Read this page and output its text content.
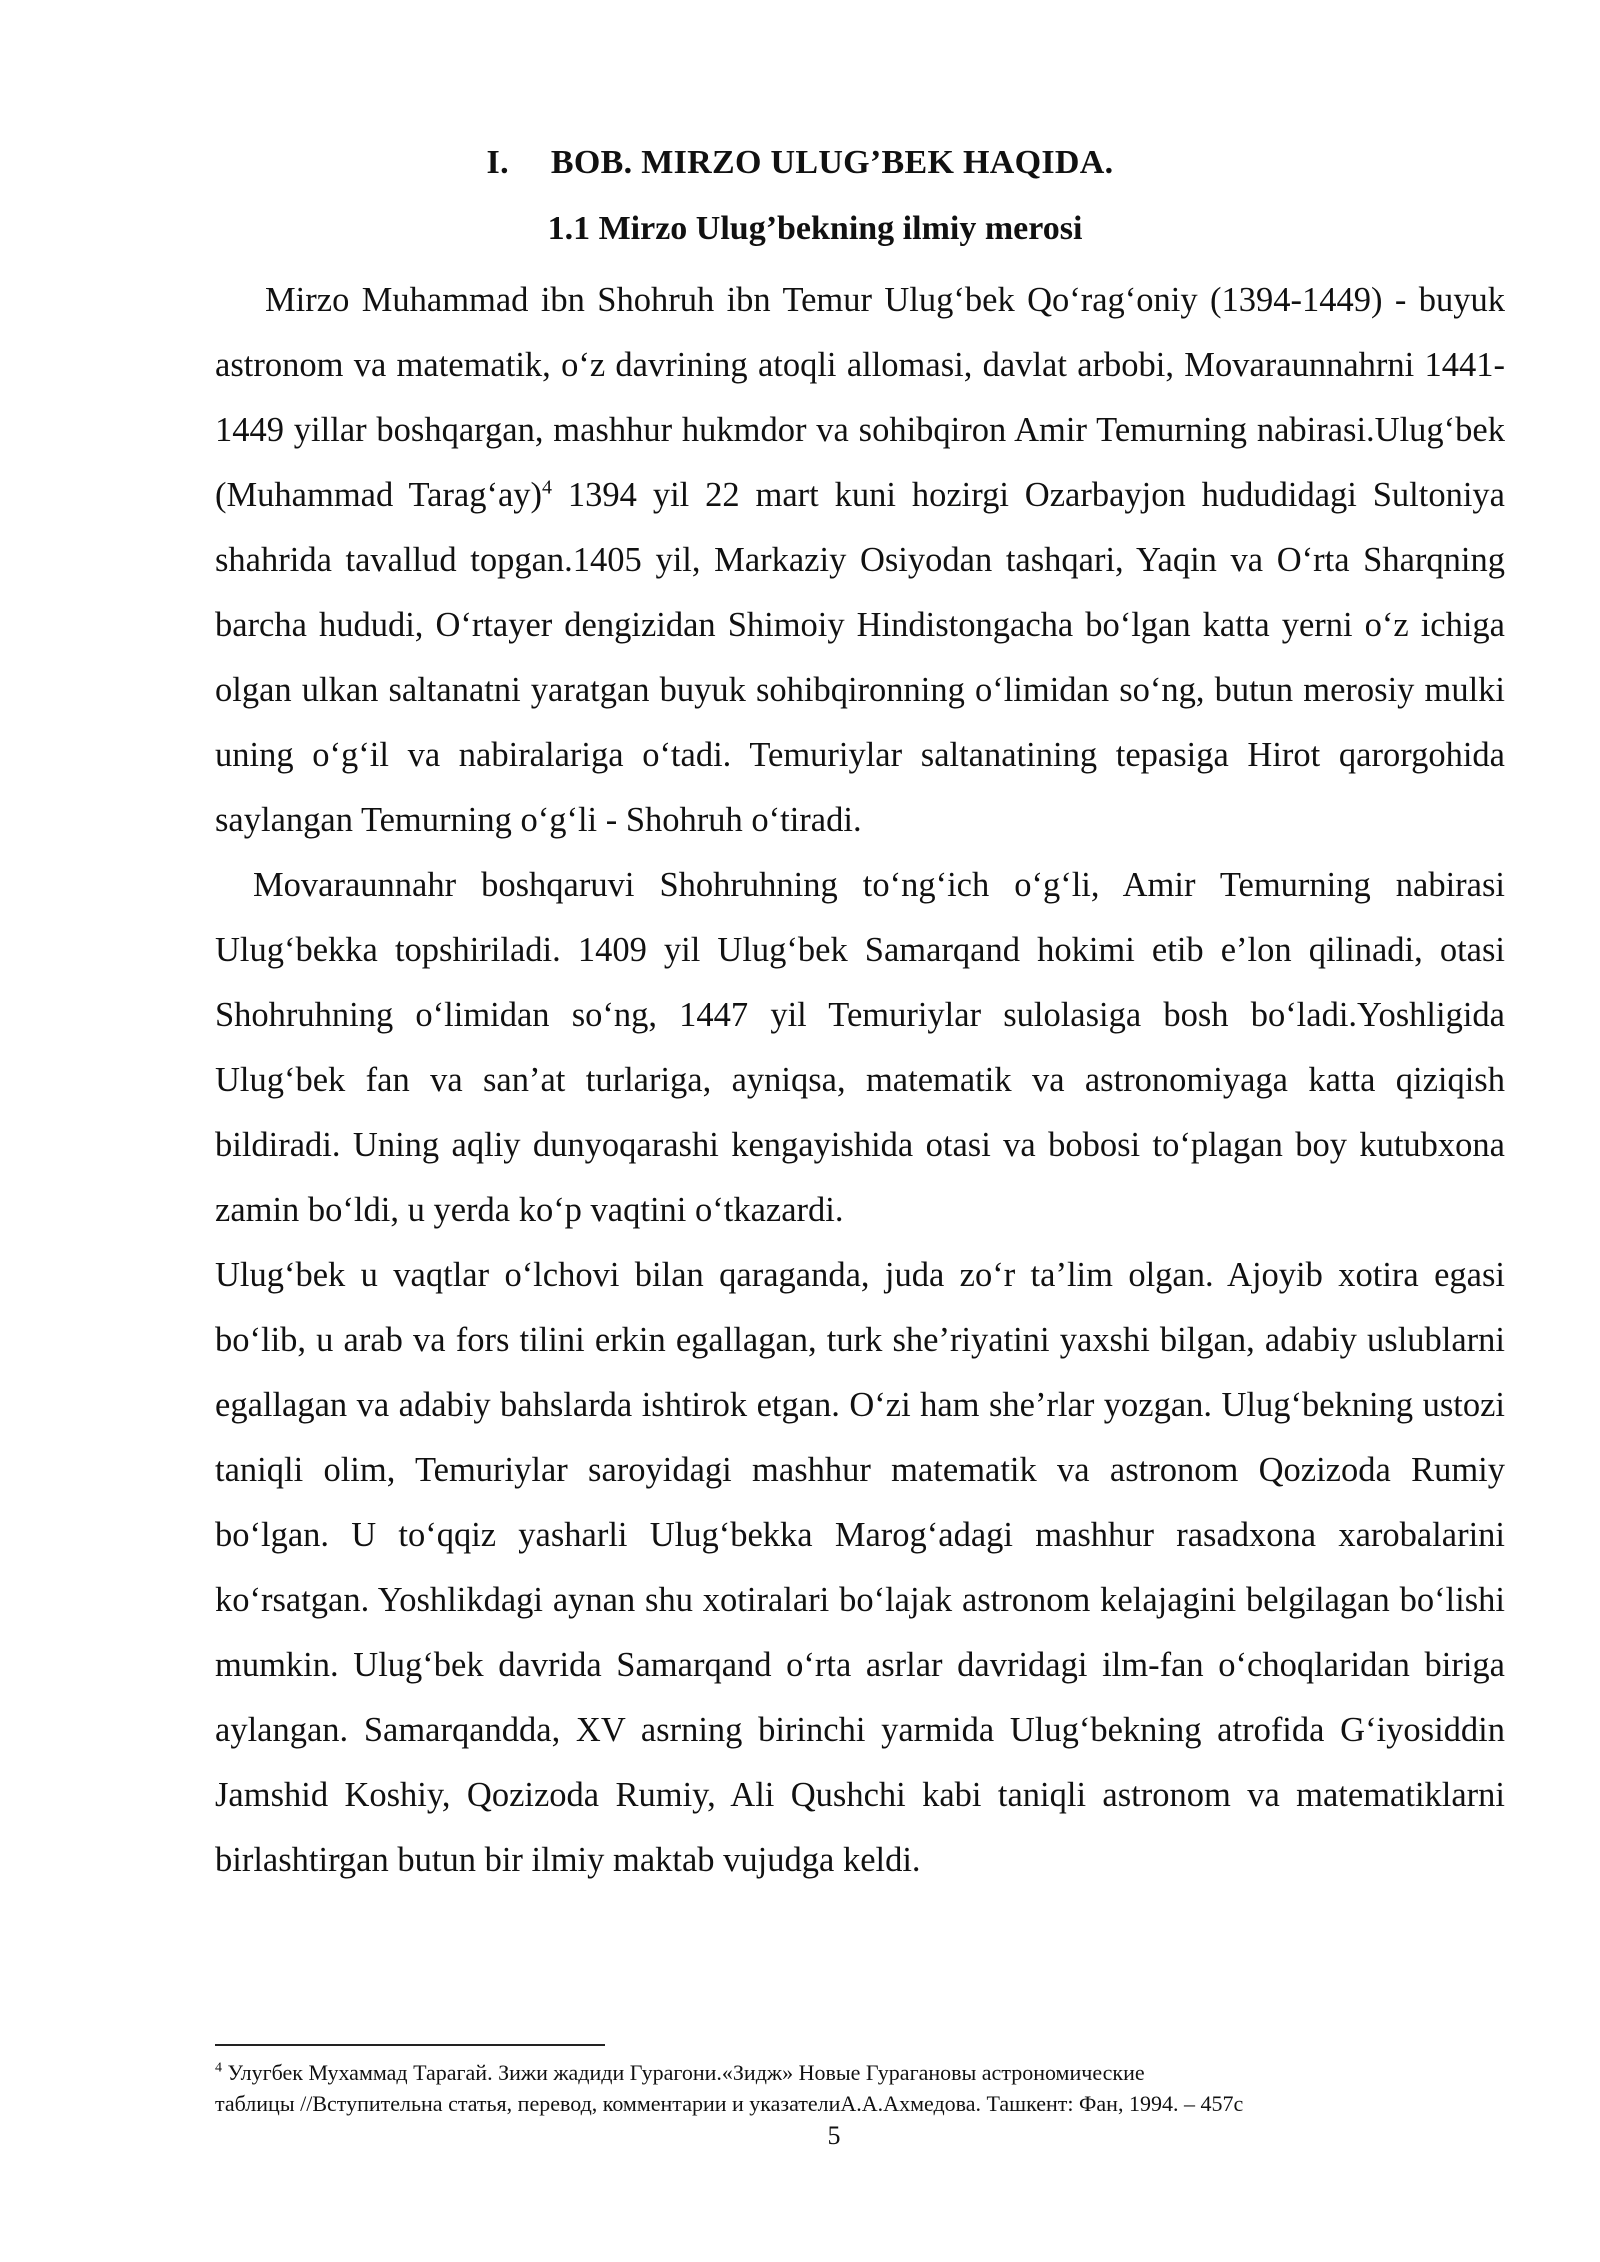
I. BOB. MIRZO ULUG’BEK HAQIDA.
1.1 Mirzo Ulug’bekning ilmiy merosi

Mirzo Muhammad ibn Shohruh ibn Temur Ulug‘bek Qo‘rag‘oniy (1394-1449) - buyuk astronom va matematik, o‘z davrining atoqli allomasi, davlat arbobi, Movaraunnahrni 1441-1449 yillar boshqargan, mashhur hukmdor va sohibqiron Amir Temurning nabirasi.Ulug‘bek (Muhammad Tarag‘ay)$^4$ 1394 yil 22 mart kuni hozirgi Ozarbayjon hududidagi Sultoniya shahrida tavallud topgan.1405 yil, Markaziy Osiyodan tashqari, Yaqin va O‘rta Sharqning barcha hududi, O‘rtayer dengizidan Shimoiy Hindistongacha bo‘lgan katta yerni o‘z ichiga olgan ulkan saltanatni yaratgan buyuk sohibqironning o‘limidan so‘ng, butun merosiy mulki uning o‘g‘il va nabiralariga o‘tadi. Temuriylar saltanatining tepasiga Hirot qarorgohida saylangan Temurning o‘g‘li - Shohruh o‘tiradi.

Movaraunnahr boshqaruvi Shohruhning to‘ng‘ich o‘g‘li, Amir Temurning nabirasi Ulug‘bekka topshiriladi. 1409 yil Ulug‘bek Samarqand hokimi etib e’lon qilinadi, otasi Shohruhning o‘limidan so‘ng, 1447 yil Temuriylar sulolasiga bosh bo‘ladi.Yoshligida Ulug‘bek fan va san’at turlariga, ayniqsa, matematik va astronomiyaga katta qiziqish bildiradi. Uning aqliy dunyoqarashi kengayishida otasi va bobosi to‘plagan boy kutubxona zamin bo‘ldi, u yerda ko‘p vaqtini o‘tkazardi.

Ulug‘bek u vaqtlar o‘lchovi bilan qaraganda, juda zo‘r ta’lim olgan. Ajoyib xotira egasi bo‘lib, u arab va fors tilini erkin egallagan, turk she’riyatini yaxshi bilgan, adabiy uslublarni egallagan va adabiy bahslarda ishtirok etgan. O‘zi ham she’rlar yozgan. Ulug‘bekning ustozi taniqli olim, Temuriylar saroyidagi mashhur matematik va astronom Qozizoda Rumiy bo‘lgan. U to‘qqiz yasharli Ulug‘bekka Marog‘adagi mashhur rasadxona xarobalarini ko‘rsatgan. Yoshlikdagi aynan shu xotiralari bo‘lajak astronom kelajagini belgilagan bo‘lishi mumkin. Ulug‘bek davrida Samarqand o‘rta asrlar davridagi ilm-fan o‘choqlaridan biriga aylangan. Samarqandda, XV asrning birinchi yarmida Ulug‘bekning atrofida G‘iyosiddin Jamshid Koshiy, Qozizoda Rumiy, Ali Qushchi kabi taniqli astronom va matematiklarni birlashtirgan butun bir ilmiy maktab vujudga keldi.

$^4$ Улугбек Мухаммад Тарагай. Зижи жадиди Гурагони.«Зидж» Новые Гурагановы астрономические

таблицы //Вступительна статья, перевод, комментарии и указателиА.А.Ахмедова. Ташкент: Фан, 1994. – 457с

5
